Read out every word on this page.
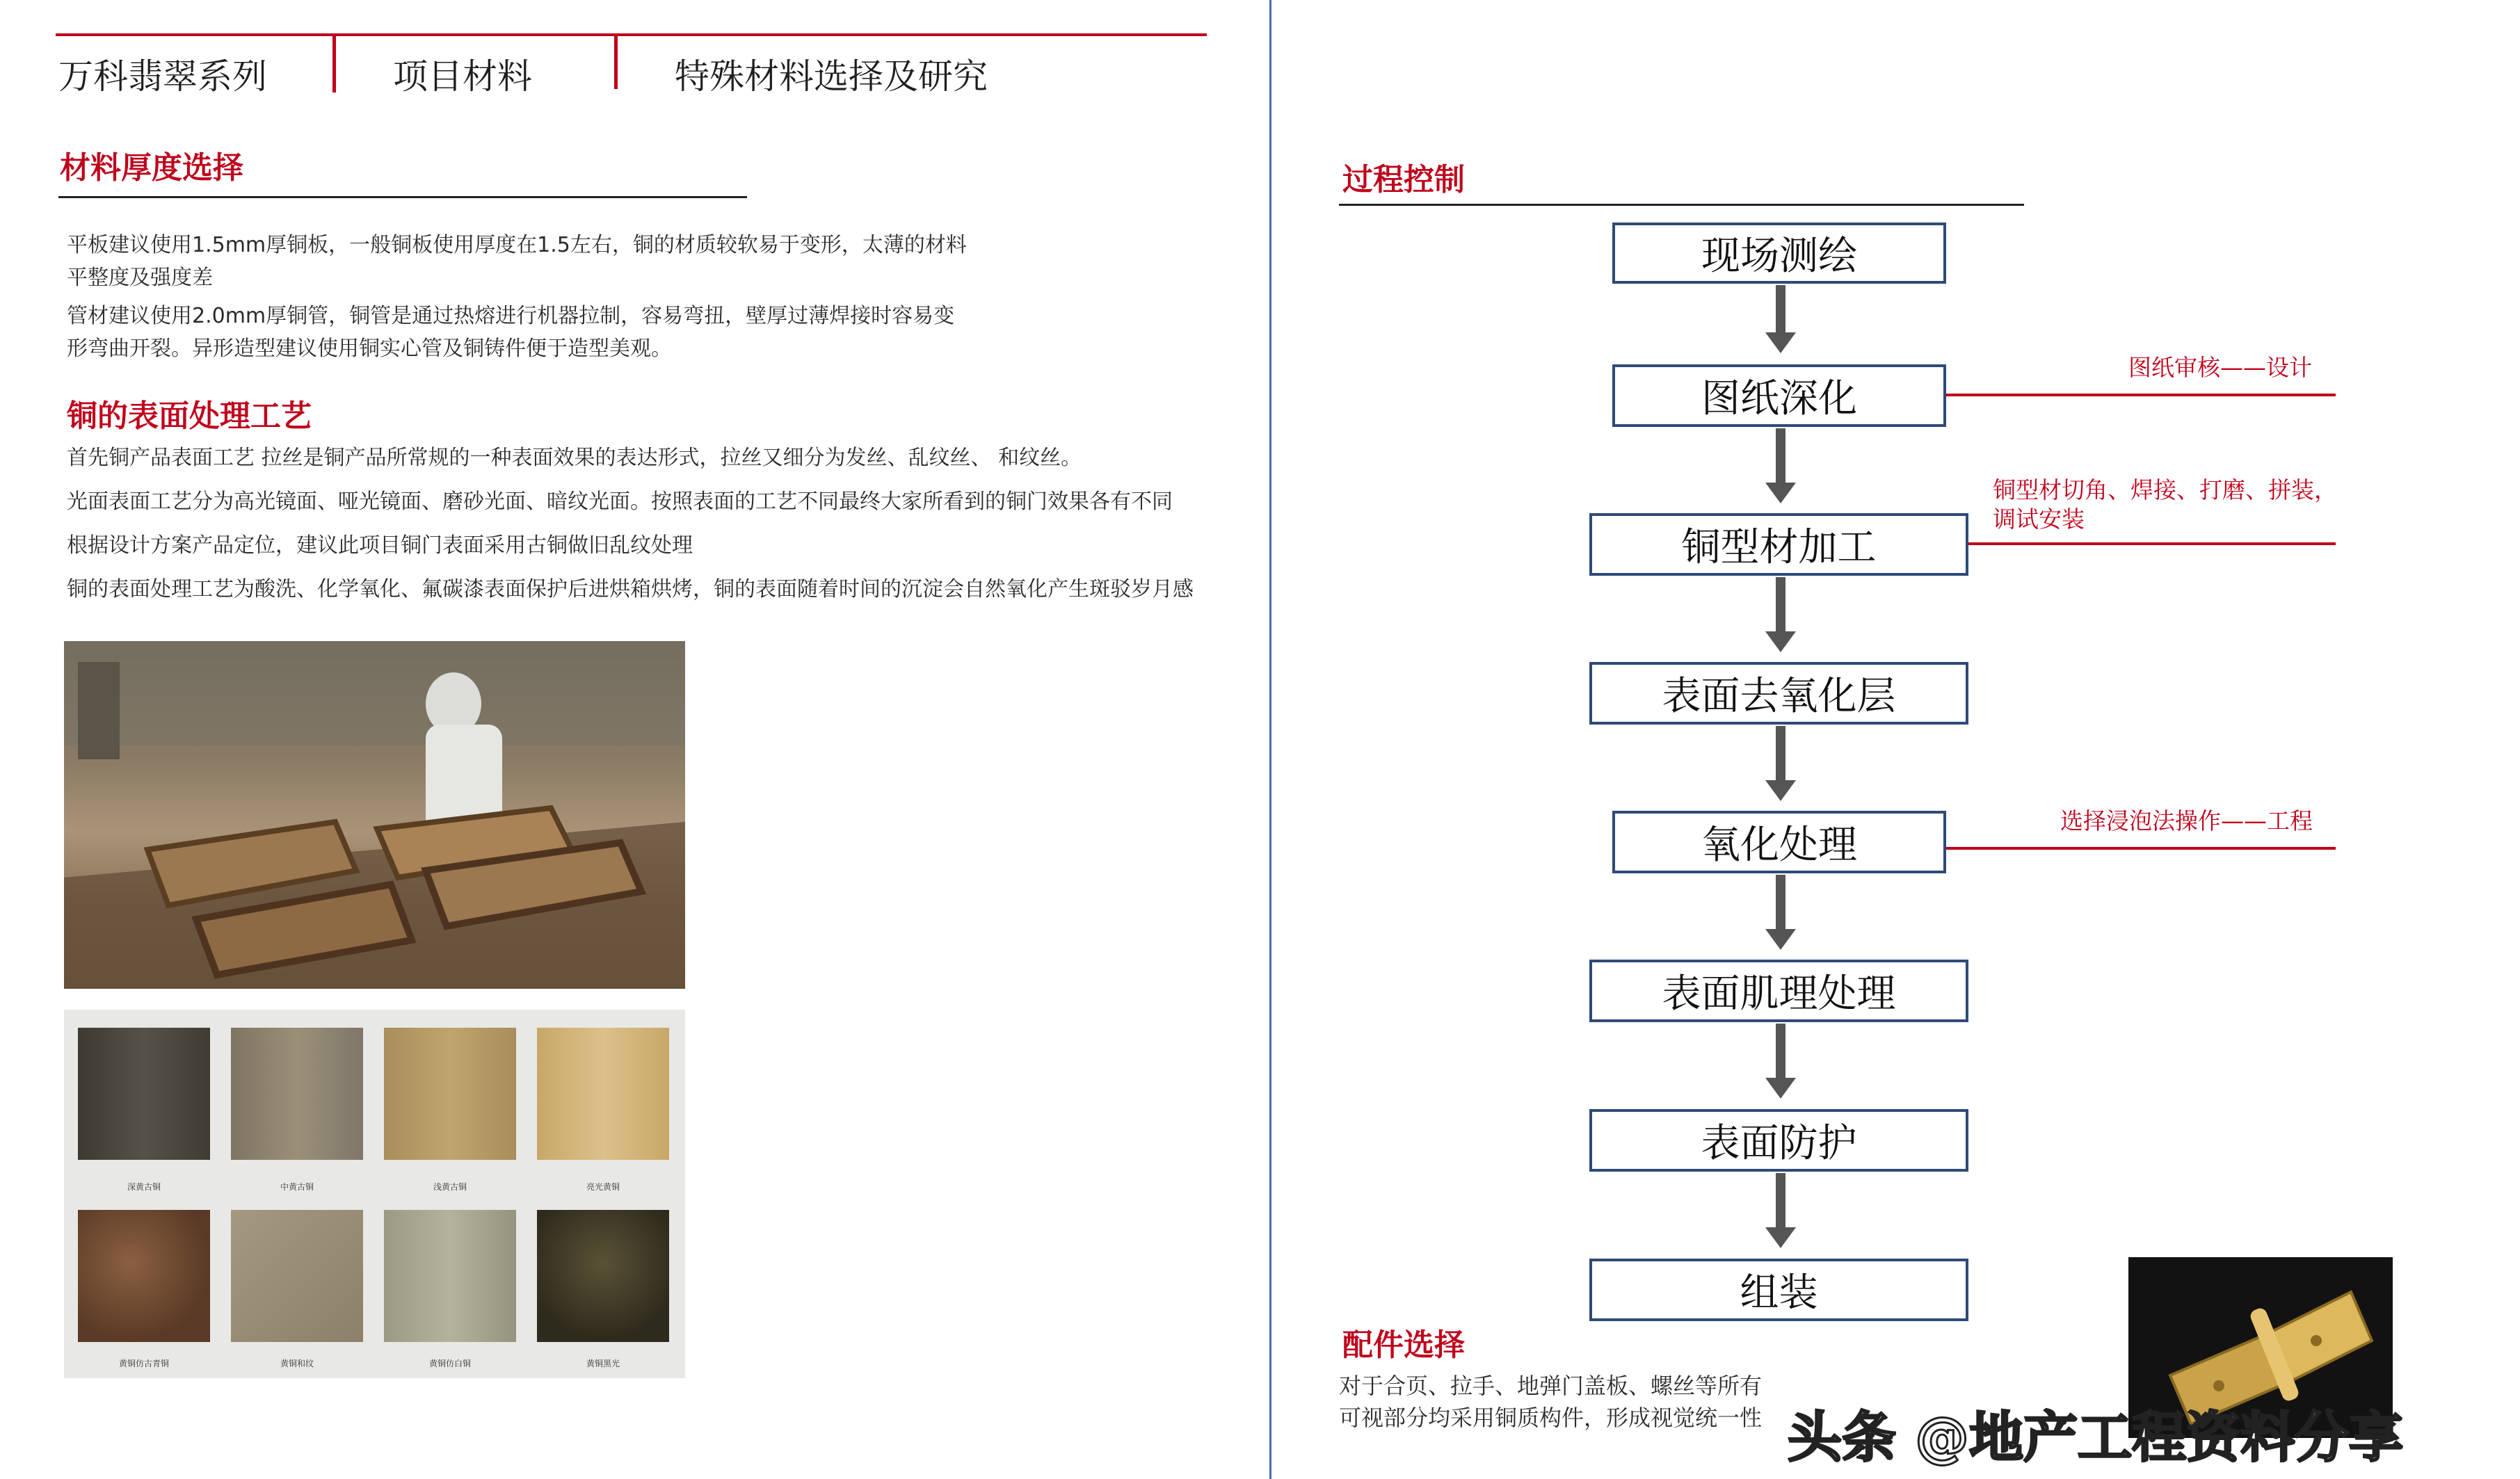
万科翡翠系列	项目材料	特殊材料选择及研究
材料厚度选择
平板建议使用1.5mm厚铜板，一般铜板使用厚度在1.5左右，铜的材质较软易于变形，太薄的材料
平整度及强度差
管材建议使用2.0mm厚铜管，铜管是通过热熔进行机器拉制，容易弯扭，壁厚过薄焊接时容易变
形弯曲开裂。异形造型建议使用铜实心管及铜铸件便于造型美观。
铜的表面处理工艺
首先铜产品表面工艺 拉丝是铜产品所常规的一种表面效果的表达形式，拉丝又细分为发丝、乱纹丝、 和纹丝。
光面表面工艺分为高光镜面、哑光镜面、磨砂光面、暗纹光面。按照表面的工艺不同最终大家所看到的铜门效果各有不同
根据设计方案产品定位，建议此项目铜门表面采用古铜做旧乱纹处理
铜的表面处理工艺为酸洗、化学氧化、氟碳漆表面保护后进烘箱烘烤，铜的表面随着时间的沉淀会自然氧化产生斑驳岁月感
深黄古铜	中黄古铜	浅黄古铜	亮光黄铜
黄铜仿古青铜	黄铜和纹	黄铜仿白铜	黄铜黑光
过程控制
现场测绘
图纸深化
铜型材加工
表面去氧化层
氧化处理
表面肌理处理
表面防护
组装
图纸审核——设计
铜型材切角、焊接、打磨、拼装，
调试安装
选择浸泡法操作——工程
配件选择
对于合页、拉手、地弹门盖板、螺丝等所有
可视部分均采用铜质构件，形成视觉统一性 头条 @地产工程资料分享
